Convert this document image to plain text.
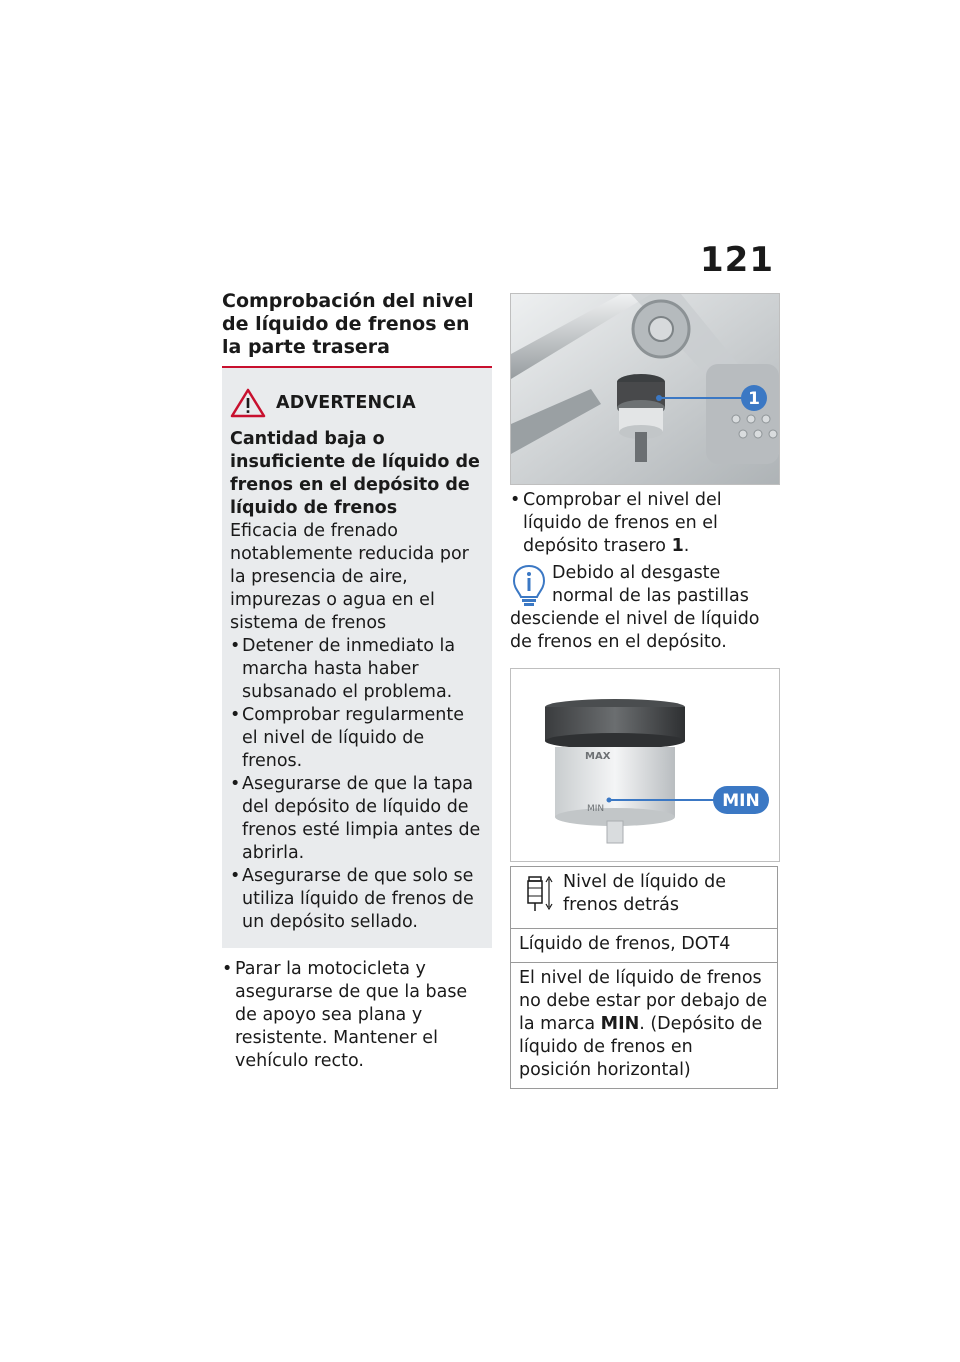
121
Comprobación del nivel de líquido de frenos en la parte trasera
ADVERTENCIA

Cantidad baja o insuficiente de líquido de frenos en el depósito de líquido de frenos

Eficacia de frenado notablemente reducida por la presencia de aire, impurezas o agua en el sistema de frenos

• Detener de inmediato la marcha hasta haber subsanado el problema.
• Comprobar regularmente el nivel de líquido de frenos.
• Asegurarse de que la tapa del depósito de líquido de frenos esté limpia antes de abrirla.
• Asegurarse de que solo se utiliza líquido de frenos de un depósito sellado.

• Parar la motocicleta y asegurarse de que la base de apoyo sea plana y resistente. Mantener el vehículo recto.

1

• Comprobar el nivel del líquido de frenos en el depósito trasero 1.

Debido al desgaste normal de las pastillas desciende el nivel de líquido de frenos en el depósito.
MAX
MIN	MIN
Nivel de líquido de frenos detrás

Líquido de frenos, DOT4
El nivel de líquido de frenos no debe estar por debajo de la marca MIN. (Depósito de líquido de frenos en posición horizontal)
